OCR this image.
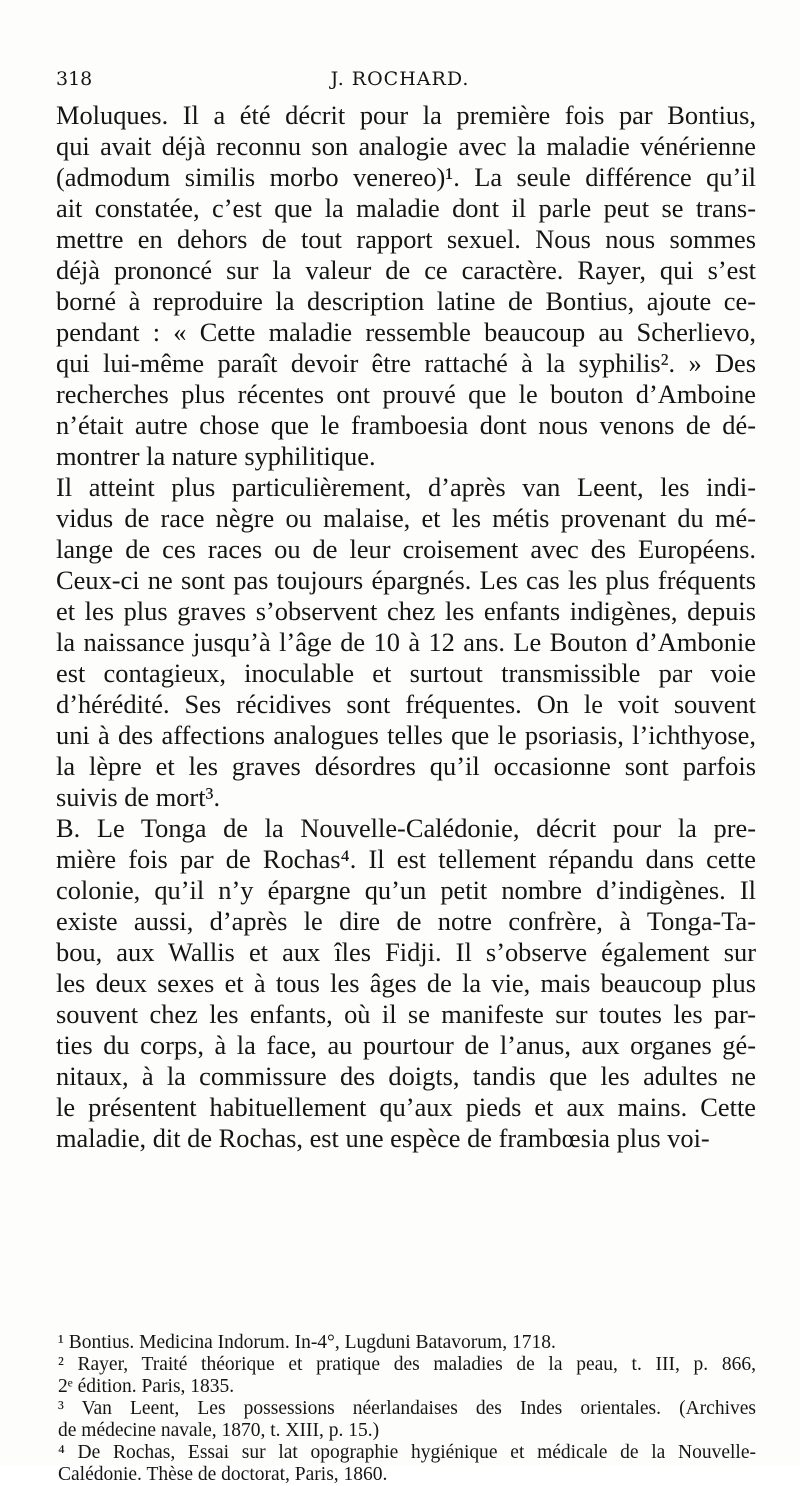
318	J. ROCHARD.
Moluques. Il a été décrit pour la première fois par Bontius,
qui avait déjà reconnu son analogie avec la maladie vénérienne
(admodum similis morbo venereo)¹. La seule différence qu’il
ait constatée, c’est que la maladie dont il parle peut se trans-
mettre en dehors de tout rapport sexuel. Nous nous sommes
déjà prononcé sur la valeur de ce caractère. Rayer, qui s’est
borné à reproduire la description latine de Bontius, ajoute ce-
pendant : « Cette maladie ressemble beaucoup au Scherlievo,
qui lui-même paraît devoir être rattaché à la syphilis². » Des
recherches plus récentes ont prouvé que le bouton d’Amboine
n’était autre chose que le framboesia dont nous venons de dé-
montrer la nature syphilitique.
Il atteint plus particulièrement, d’après van Leent, les indi-
vidus de race nègre ou malaise, et les métis provenant du mé-
lange de ces races ou de leur croisement avec des Européens.
Ceux-ci ne sont pas toujours épargnés. Les cas les plus fréquents
et les plus graves s’observent chez les enfants indigènes, depuis
la naissance jusqu’à l’âge de 10 à 12 ans. Le Bouton d’Ambonie
est contagieux, inoculable et surtout transmissible par voie
d’hérédité. Ses récidives sont fréquentes. On le voit souvent
uni à des affections analogues telles que le psoriasis, l’ichthyose,
la lèpre et les graves désordres qu’il occasionne sont parfois
suivis de mort³.
B. Le Tonga de la Nouvelle-Calédonie, décrit pour la pre-
mière fois par de Rochas⁴. Il est tellement répandu dans cette
colonie, qu’il n’y épargne qu’un petit nombre d’indigènes. Il
existe aussi, d’après le dire de notre confrère, à Tonga-Ta-
bou, aux Wallis et aux îles Fidji. Il s’observe également sur
les deux sexes et à tous les âges de la vie, mais beaucoup plus
souvent chez les enfants, où il se manifeste sur toutes les par-
ties du corps, à la face, au pourtour de l’anus, aux organes gé-
nitaux, à la commissure des doigts, tandis que les adultes ne
le présentent habituellement qu’aux pieds et aux mains. Cette
maladie, dit de Rochas, est une espèce de frambœsia plus voi-
¹ Bontius. Medicina Indorum. In-4°, Lugduni Batavorum, 1718.
² Rayer, Traité théorique et pratique des maladies de la peau, t. III, p. 866,
2ᵉ édition. Paris, 1835.
³ Van Leent, Les possessions néerlandaises des Indes orientales. (Archives
de médecine navale, 1870, t. XIII, p. 15.)
⁴ De Rochas, Essai sur lat opographie hygiénique et médicale de la Nouvelle-
Calédonie. Thèse de doctorat, Paris, 1860.
